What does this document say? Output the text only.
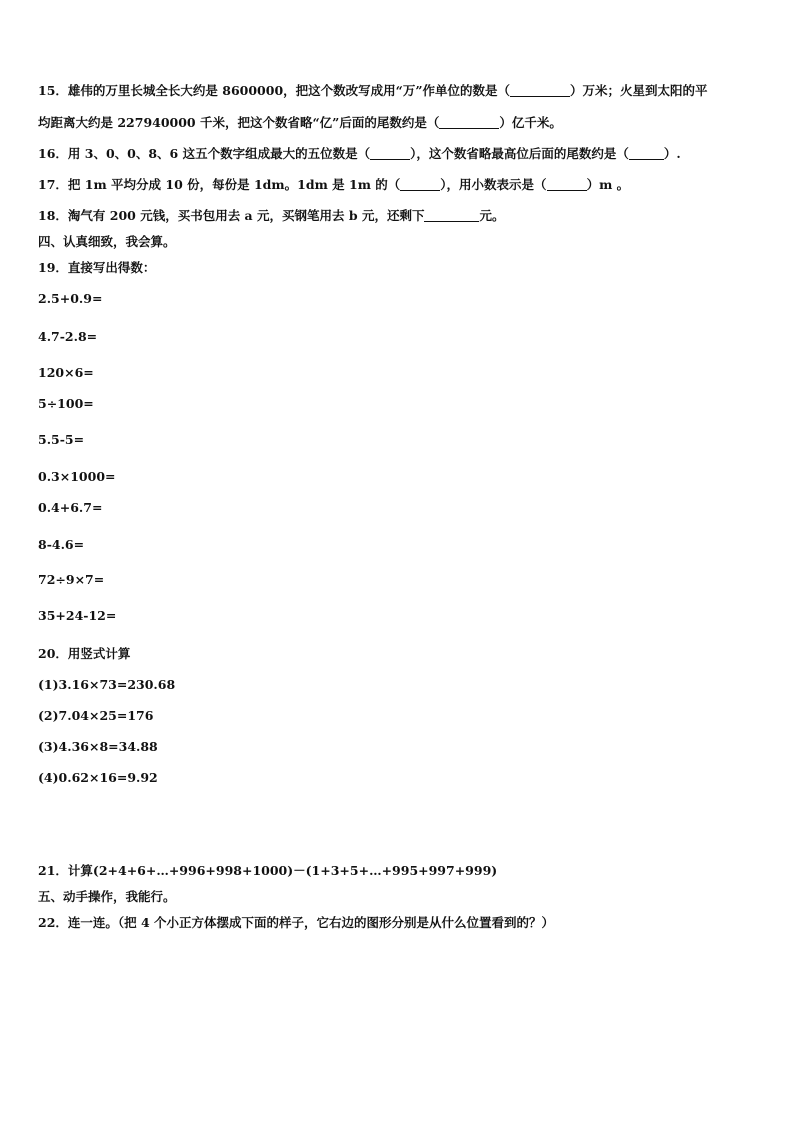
15．雄伟的万里长城全长大约是 8600000，把这个数改写成用“万”作单位的数是（	）万米；火星到太阳的平
均距离大约是 227940000 千米，把这个数省略“亿”后面的尾数约是（	）亿千米。
16．用 3、0、0、8、6 这五个数字组成最大的五位数是（	），这个数省略最高位后面的尾数约是（	）.
17．把 1m 平均分成 10 份，每份是 1dm。1dm 是 1m 的（	），用小数表示是（	）m 。
18．淘气有 200 元钱，买书包用去 a 元，买钢笔用去 b 元，还剩下	元。
四、认真细致，我会算。
19．直接写出得数：
2.5+0.9=
4.7-2.8=
120×6=
5÷100=
5.5-5=
0.3×1000=
0.4+6.7=
8-4.6=
72÷9×7=
35+24-12=
20．用竖式计算
(1)3.16×73=230.68
(2)7.04×25=176
(3)4.36×8=34.88
(4)0.62×16=9.92
21．计算(2+4+6+…+996+998+1000)－(1+3+5+…+995+997+999)
五、动手操作，我能行。
22．连一连。（把 4 个小正方体摆成下面的样子，它右边的图形分别是从什么位置看到的？）
